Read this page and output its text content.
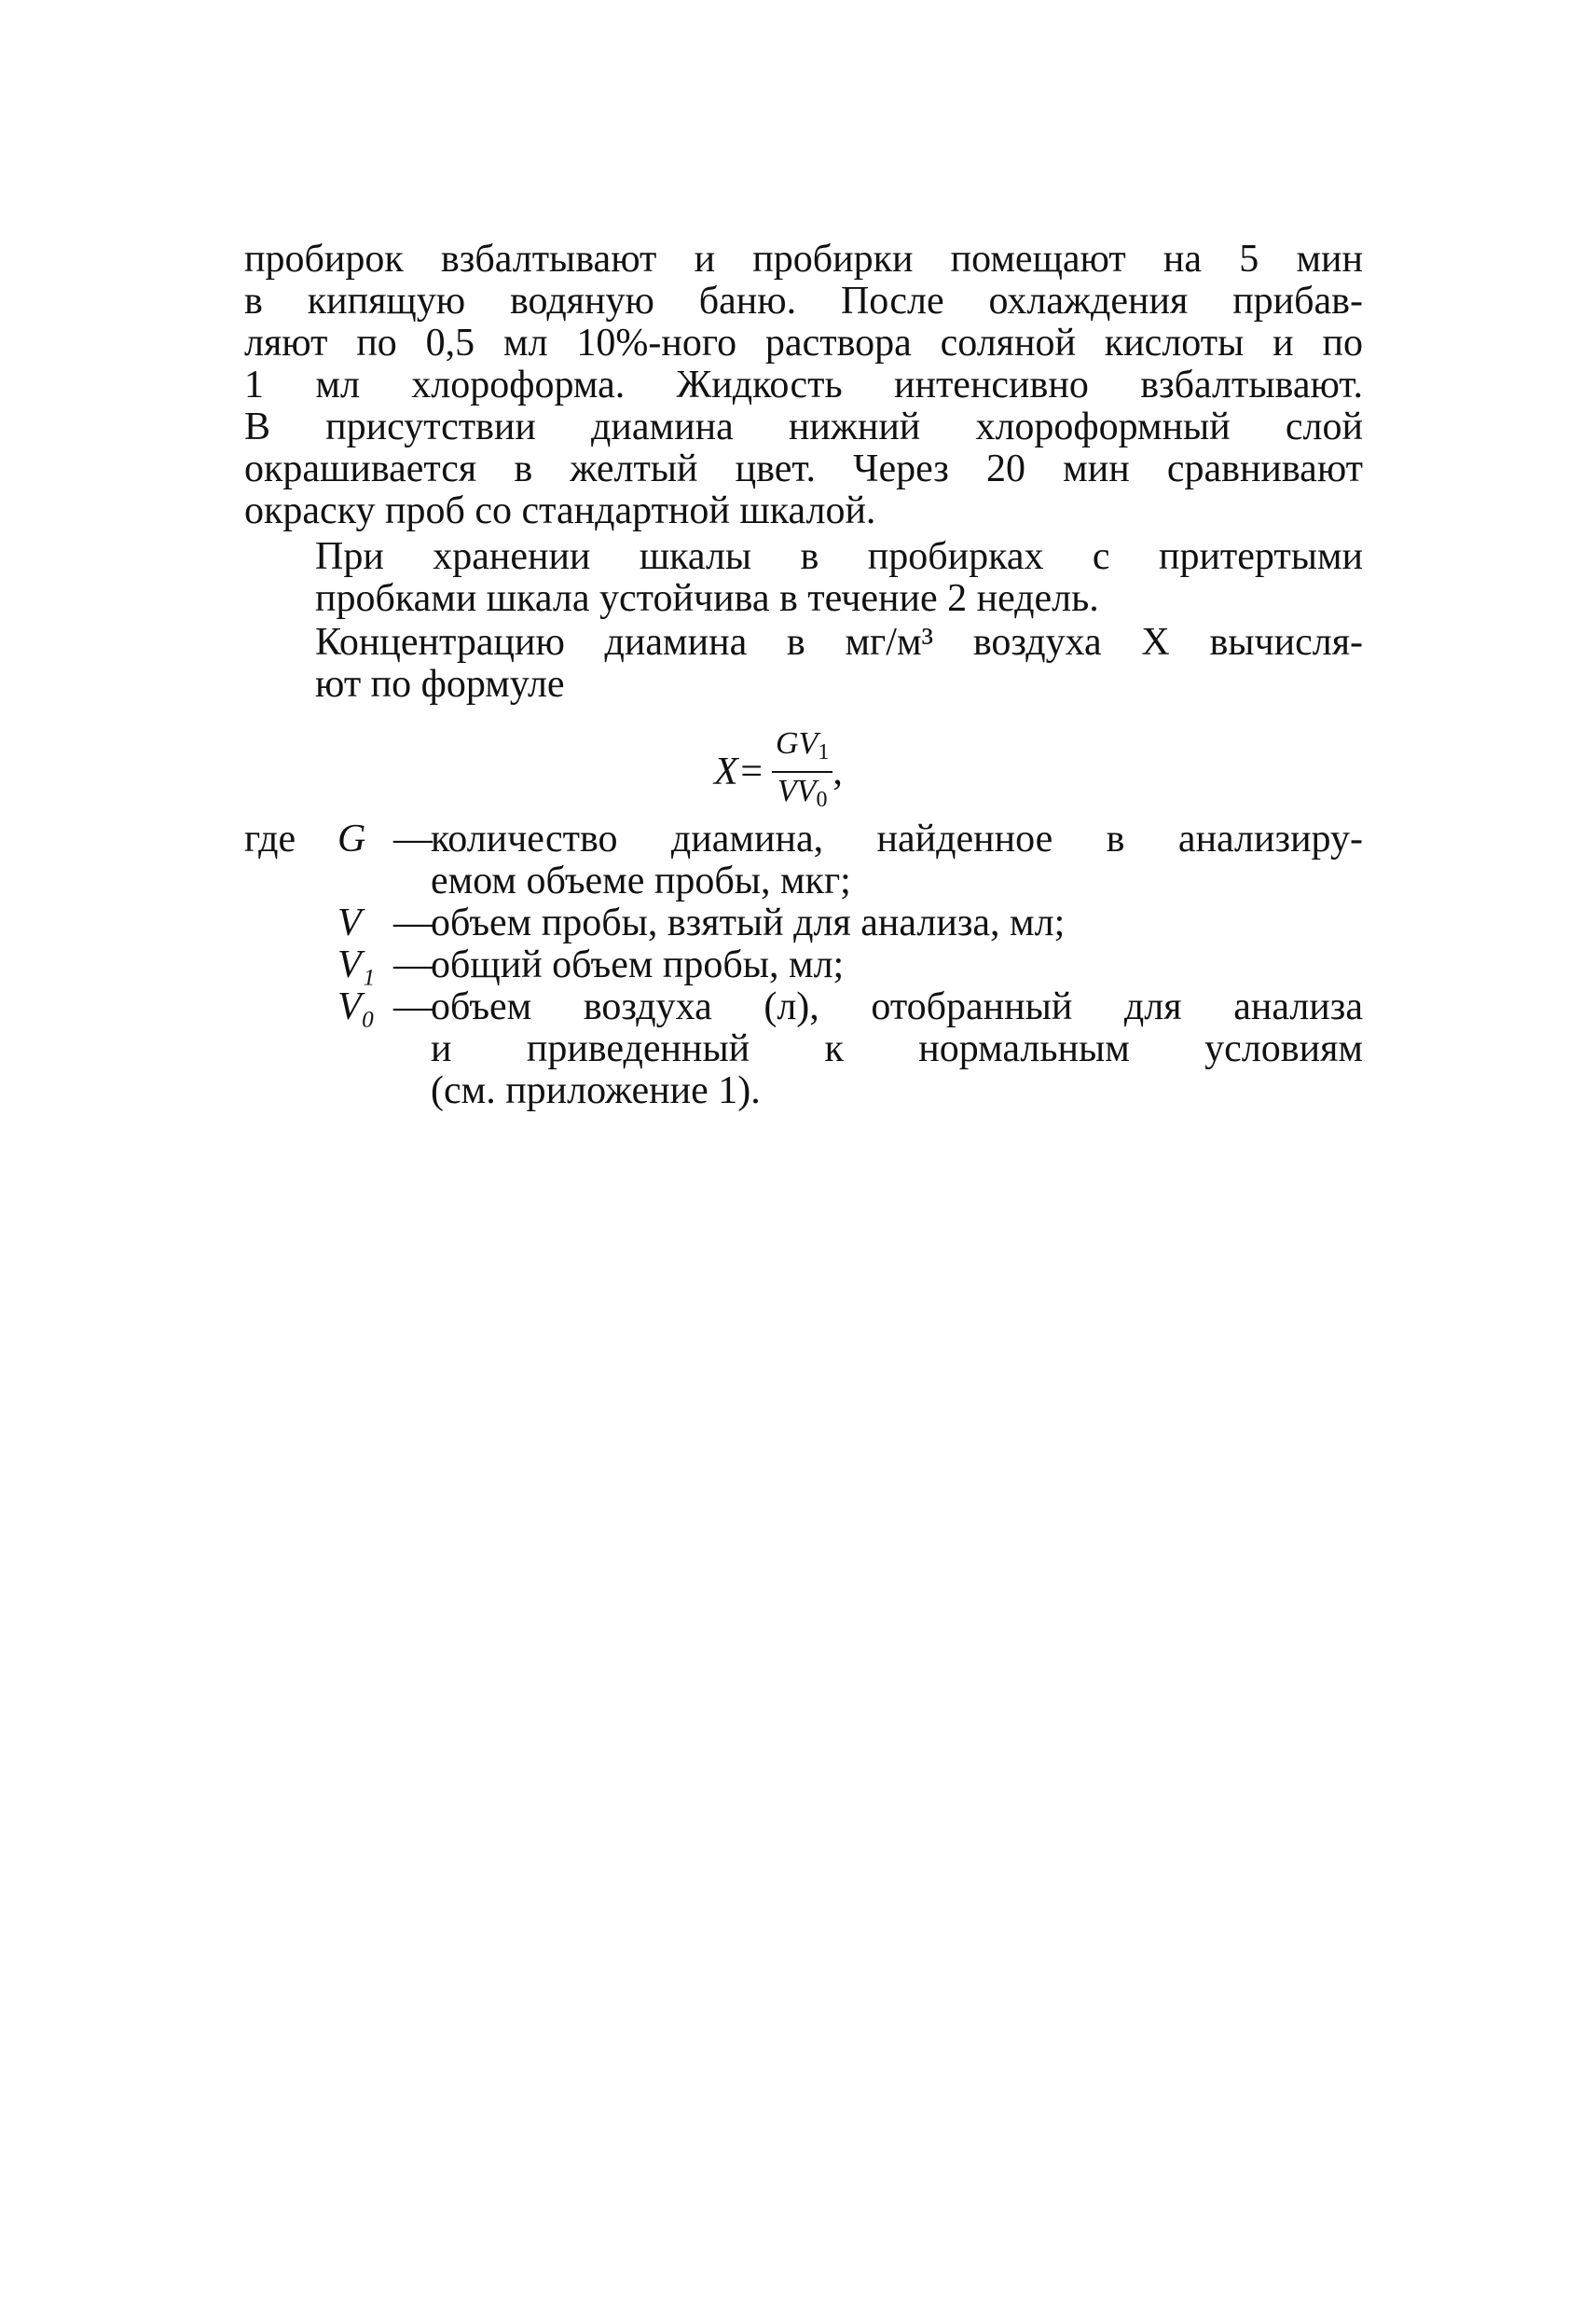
пробирок взбалтывают и пробирки помещают на 5 мин
в кипящую водяную баню. После охлаждения прибав-
ляют по 0,5 мл 10%-ного раствора соляной кислоты и по
1 мл хлороформа. Жидкость интенсивно взбалтывают.
В присутствии диамина нижний хлороформный слой
окрашивается в желтый цвет. Через 20 мин сравнивают
окраску проб со стандартной шкалой.

При хранении шкалы в пробирках с притертыми
пробками шкала устойчива в течение 2 недель.

Концентрацию диамина в мг/м³ воздуха X вычисля-
ют по формуле

$X= \frac{GV_1}{VV_0}$ ,
где	G —
количество диамина, найденное в анализиру-
емом объеме пробы, мкг;
V —
объем пробы, взятый для анализа, мл;
V₁ —
общий объем пробы, мл;
V₀ —
объем воздуха (л), отобранный для анализа
и приведенный к нормальным условиям
(см. приложение 1).
